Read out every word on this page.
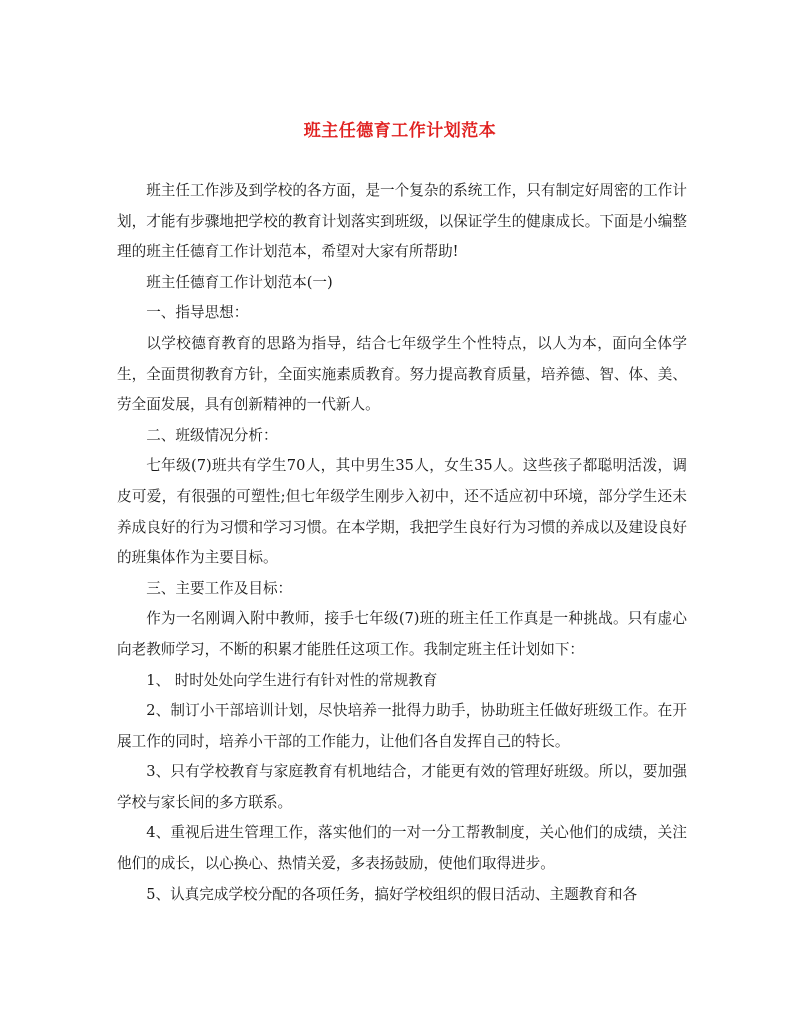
班主任德育工作计划范本

班主任工作涉及到学校的各方面，是一个复杂的系统工作，只有制定好周密的工作计划，才能有步骤地把学校的教育计划落实到班级，以保证学生的健康成长。下面是小编整理的班主任德育工作计划范本，希望对大家有所帮助!

班主任德育工作计划范本(一)

一、指导思想：

以学校德育教育的思路为指导，结合七年级学生个性特点，以人为本，面向全体学生，全面贯彻教育方针，全面实施素质教育。努力提高教育质量，培养德、智、体、美、劳全面发展，具有创新精神的一代新人。

二、班级情况分析：

七年级(7)班共有学生70人，其中男生35人，女生35人。这些孩子都聪明活泼，调皮可爱，有很强的可塑性;但七年级学生刚步入初中，还不适应初中环境，部分学生还未养成良好的行为习惯和学习习惯。在本学期，我把学生良好行为习惯的养成以及建设良好的班集体作为主要目标。

三、主要工作及目标：

作为一名刚调入附中教师，接手七年级(7)班的班主任工作真是一种挑战。只有虚心向老教师学习，不断的积累才能胜任这项工作。我制定班主任计划如下：

1、 时时处处向学生进行有针对性的常规教育

2、制订小干部培训计划，尽快培养一批得力助手，协助班主任做好班级工作。在开展工作的同时，培养小干部的工作能力，让他们各自发挥自己的特长。

3、只有学校教育与家庭教育有机地结合，才能更有效的管理好班级。所以，要加强学校与家长间的多方联系。

4、重视后进生管理工作，落实他们的一对一分工帮教制度，关心他们的成绩，关注他们的成长，以心换心、热情关爱，多表扬鼓励，使他们取得进步。

5、认真完成学校分配的各项任务，搞好学校组织的假日活动、主题教育和各
